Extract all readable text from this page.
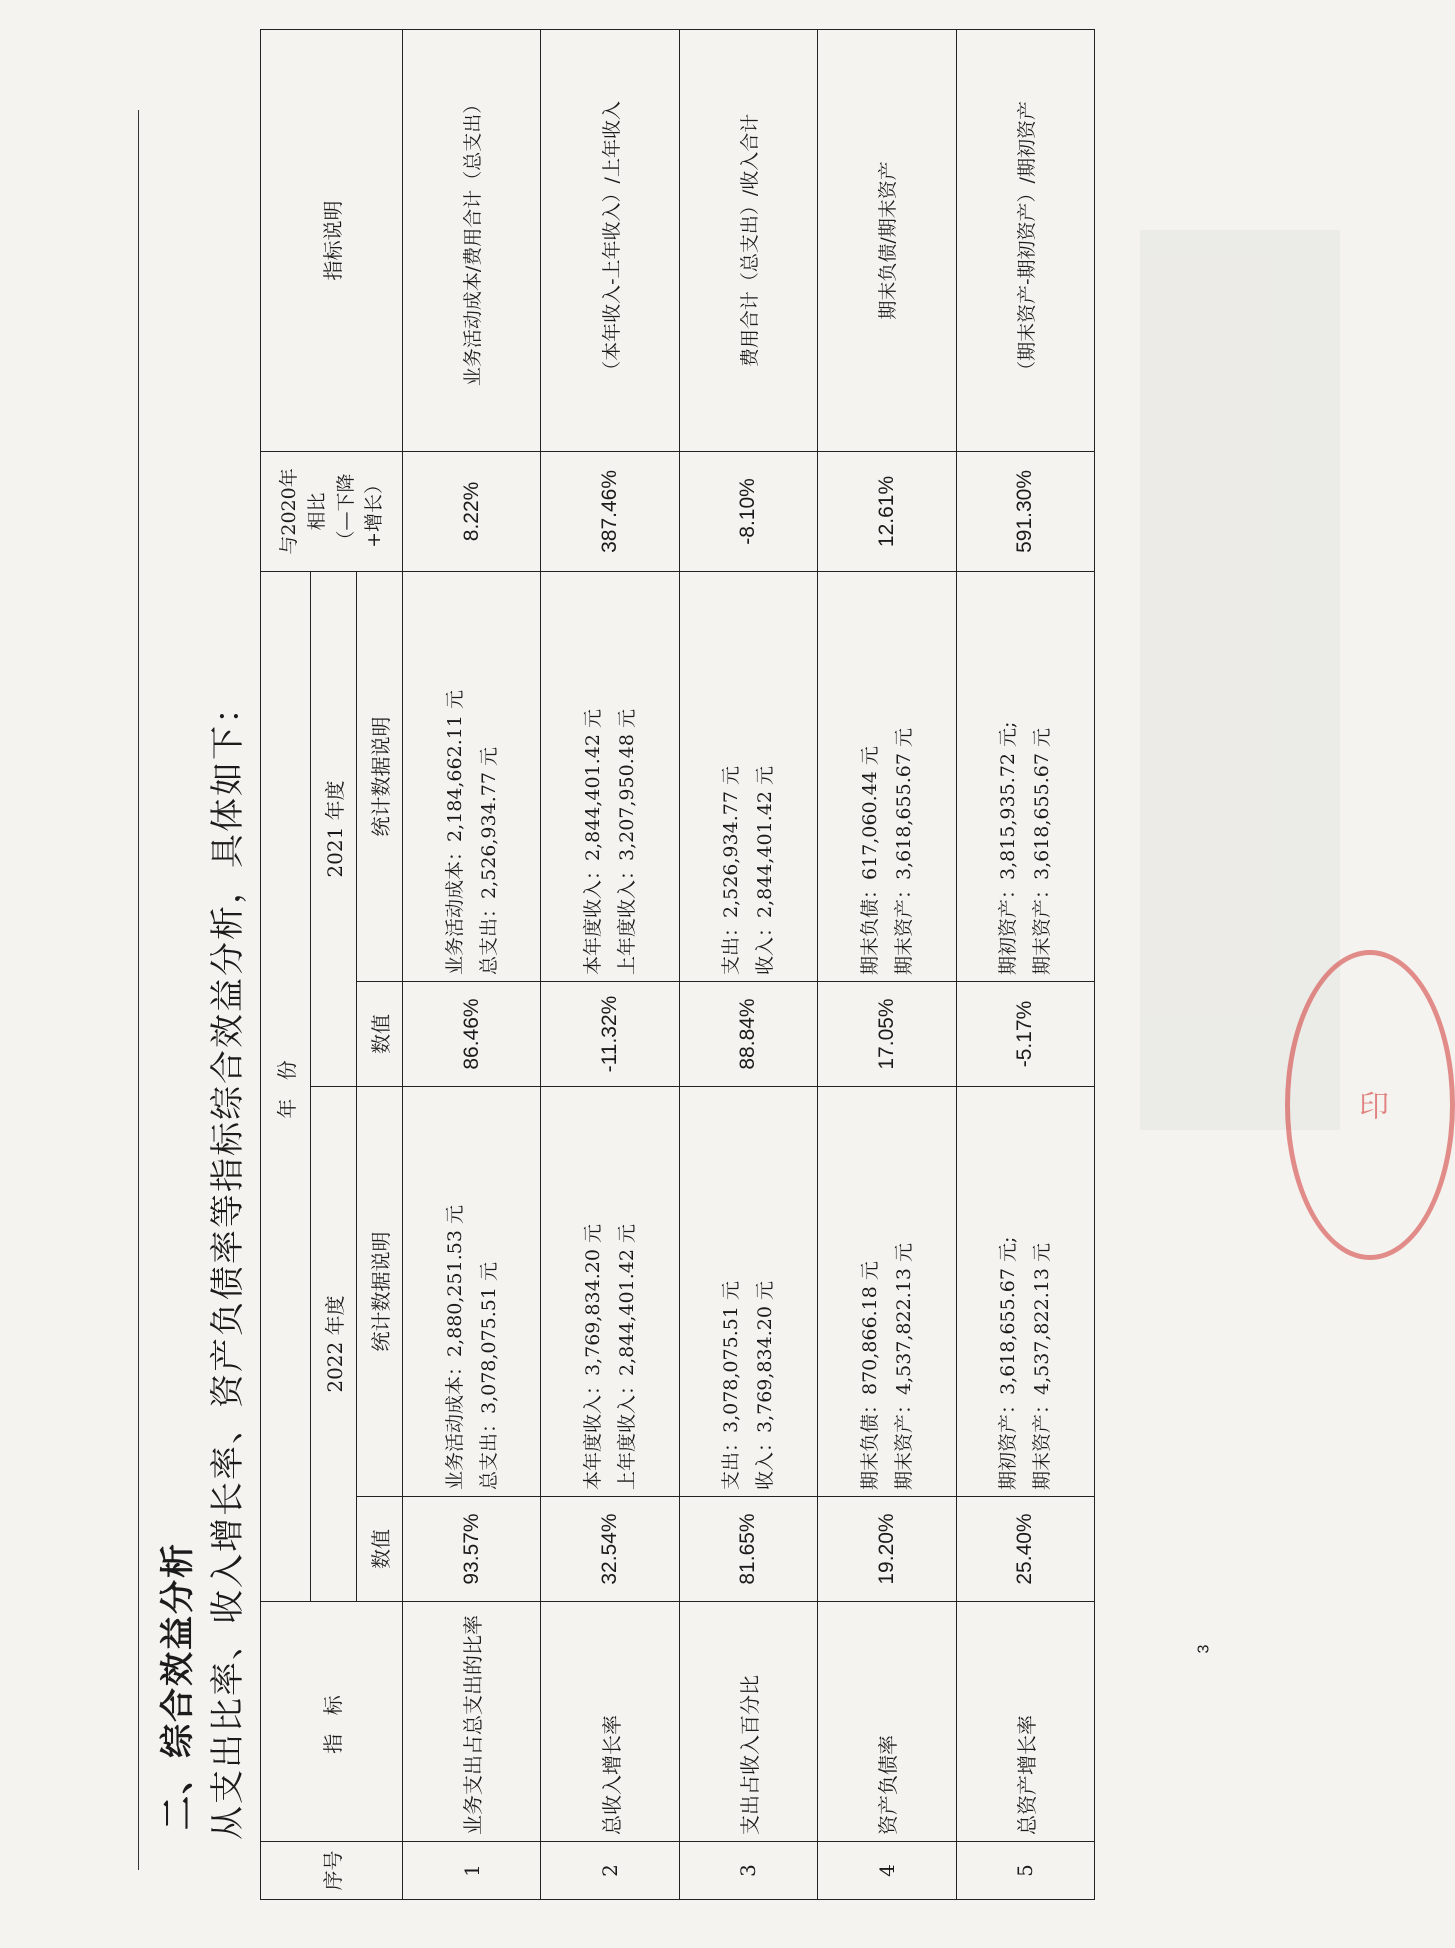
二、综合效益分析 从支出比率、收入增长率、资产负债率等指标综合效益分析，具体如下：
序号	指 标	年 份				与2020年 相比 （—下降 +增长）	指标说明
		2022 年度		2021 年度			
		数值	统计数据说明	数值	统计数据说明		
1	业务支出占总支出的比率	93.57%	业务活动成本：2,880,251.53 元 总支出：3,078,075.51 元	86.46%	业务活动成本：2,184,662.11 元 总支出：2,526,934.77 元	8.22%	业务活动成本/费用合计（总支出）
2	总收入增长率	32.54%	本年度收入：3,769,834.20 元 上年度收入：2,844,401.42 元	-11.32%	本年度收入：2,844,401.42 元 上年度收入：3,207,950.48 元	387.46%	（本年收入-上年收入）/上年收入
3	支出占收入百分比	81.65%	支出：3,078,075.51 元 收入：3,769,834.20 元	88.84%	支出：2,526,934.77 元 收入：2,844,401.42 元	-8.10%	费用合计（总支出）/收入合计
4	资产负债率	19.20%	期末负债：870,866.18 元 期末资产：4,537,822.13 元	17.05%	期末负债：617,060.44 元 期末资产：3,618,655.67 元	12.61%	期末负债/期末资产
5	总资产增长率	25.40%	期初资产：3,618,655.67 元; 期末资产：4,537,822.13 元	-5.17%	期初资产：3,815,935.72 元; 期末资产：3,618,655.67 元	591.30%	（期末资产-期初资产）/期初资产
3
印
